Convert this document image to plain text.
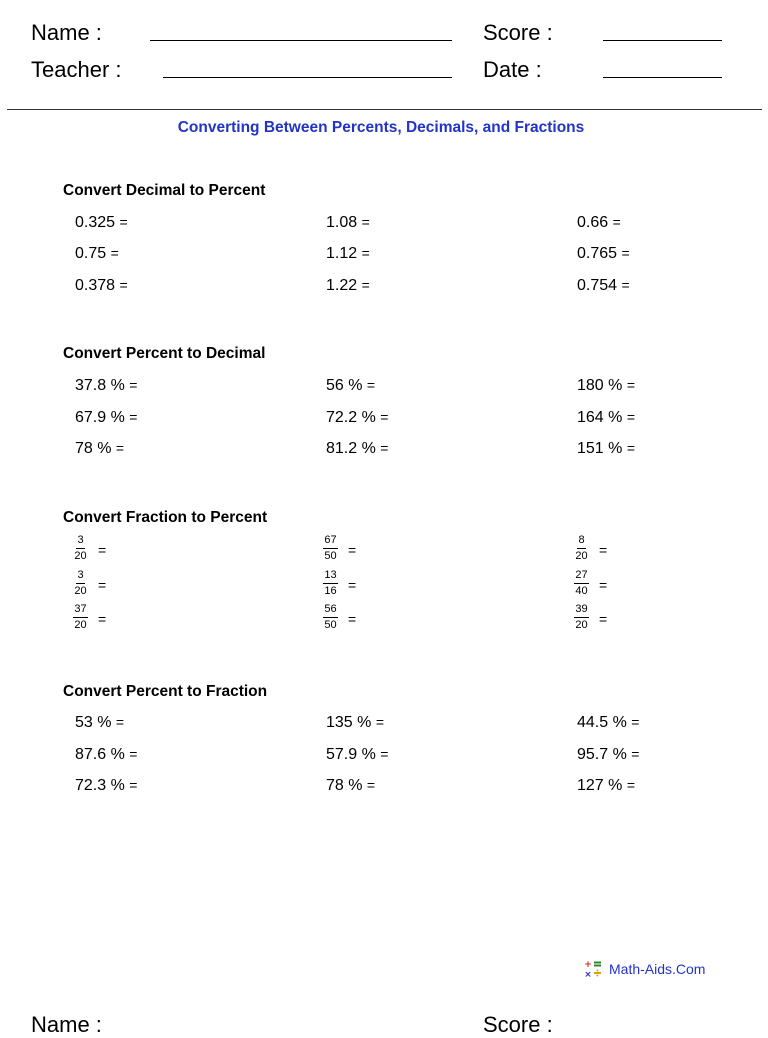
Name :	Score :
Teacher :	Date :
Converting Between Percents, Decimals, and Fractions
Convert Decimal to Percent
0.325 =	1.08 =	0.66 =
0.75 =	1.12 =	0.765 =
0.378 =	1.22 =	0.754 =
Convert Percent to Decimal
37.8 % =	56 % =	180 % =
67.9 % =	72.2 % =	164 % =
78 % =	81.2 % =	151 % =
Convert Fraction to Percent
$\frac{3}{20}$ =	$\frac{67}{50}$ =	$\frac{8}{20}$ =
$\frac{3}{20}$ =	$\frac{13}{16}$ =	$\frac{27}{40}$ =
$\frac{37}{20}$ =	$\frac{56}{50}$ =	$\frac{39}{20}$ =
Convert Percent to Fraction
53 % =	135 % =	44.5 % =
87.6 % =	57.9 % =	95.7 % =
72.3 % =	78 % =	127 % =
+
× Math-Aids.Com
Name :	Score :
